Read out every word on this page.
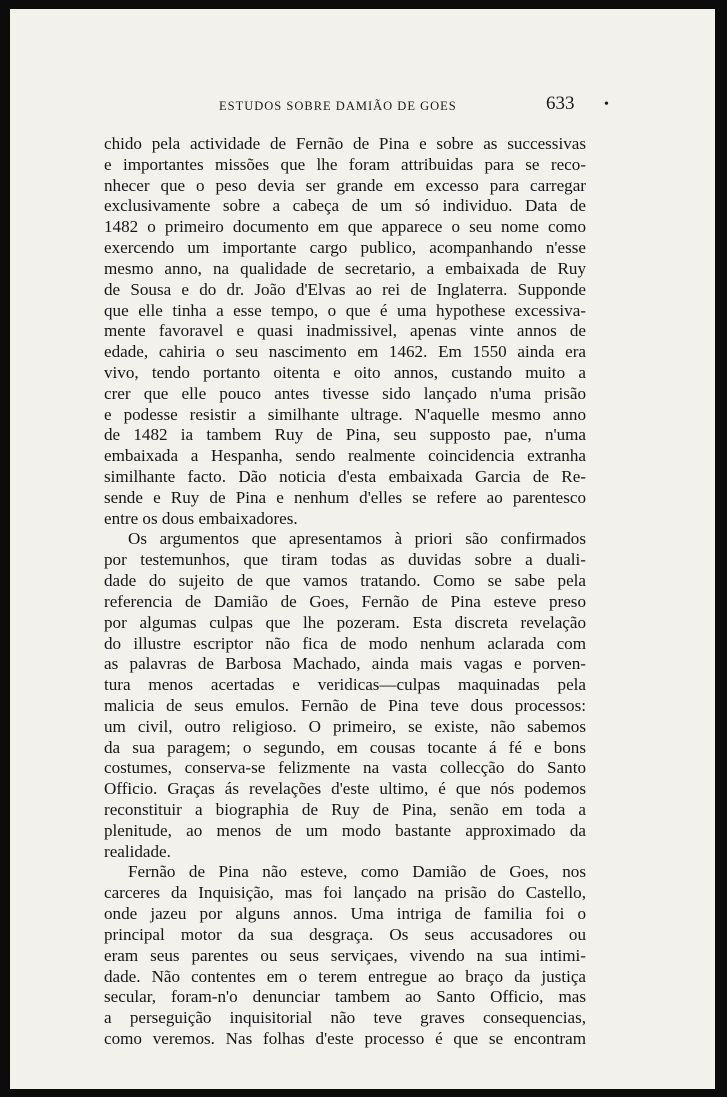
ESTUDOS SOBRE DAMIÃO DE GOES	633 •
chido pela actividade de Fernão de Pina e sobre as successivas
e importantes missões que lhe foram attribuidas para se reco-
nhecer que o peso devia ser grande em excesso para carregar
exclusivamente sobre a cabeça de um só individuo. Data de
1482 o primeiro documento em que apparece o seu nome como
exercendo um importante cargo publico, acompanhando n'esse
mesmo anno, na qualidade de secretario, a embaixada de Ruy
de Sousa e do dr. João d'Elvas ao rei de Inglaterra. Supponde
que elle tinha a esse tempo, o que é uma hypothese excessiva-
mente favoravel e quasi inadmissivel, apenas vinte annos de
edade, cahiria o seu nascimento em 1462. Em 1550 ainda era
vivo, tendo portanto oitenta e oito annos, custando muito a
crer que elle pouco antes tivesse sido lançado n'uma prisão
e podesse resistir a similhante ultrage. N'aquelle mesmo anno
de 1482 ia tambem Ruy de Pina, seu supposto pae, n'uma
embaixada a Hespanha, sendo realmente coincidencia extranha
similhante facto. Dão noticia d'esta embaixada Garcia de Re-
sende e Ruy de Pina e nenhum d'elles se refere ao parentesco
entre os dous embaixadores.
Os argumentos que apresentamos à priori são confirmados
por testemunhos, que tiram todas as duvidas sobre a duali-
dade do sujeito de que vamos tratando. Como se sabe pela
referencia de Damião de Goes, Fernão de Pina esteve preso
por algumas culpas que lhe pozeram. Esta discreta revelação
do illustre escriptor não fica de modo nenhum aclarada com
as palavras de Barbosa Machado, ainda mais vagas e porven-
tura menos acertadas e veridicas—culpas maquinadas pela
malicia de seus emulos. Fernão de Pina teve dous processos:
um civil, outro religioso. O primeiro, se existe, não sabemos
da sua paragem; o segundo, em cousas tocante á fé e bons
costumes, conserva-se felizmente na vasta collecção do Santo
Officio. Graças ás revelações d'este ultimo, é que nós podemos
reconstituir a biographia de Ruy de Pina, senão em toda a
plenitude, ao menos de um modo bastante approximado da
realidade.
Fernão de Pina não esteve, como Damião de Goes, nos
carceres da Inquisição, mas foi lançado na prisão do Castello,
onde jazeu por alguns annos. Uma intriga de familia foi o
principal motor da sua desgraça. Os seus accusadores ou
eram seus parentes ou seus serviçaes, vivendo na sua intimi-
dade. Não contentes em o terem entregue ao braço da justiça
secular, foram-n'o denunciar tambem ao Santo Officio, mas
a perseguição inquisitorial não teve graves consequencias,
como veremos. Nas folhas d'este processo é que se encontram
